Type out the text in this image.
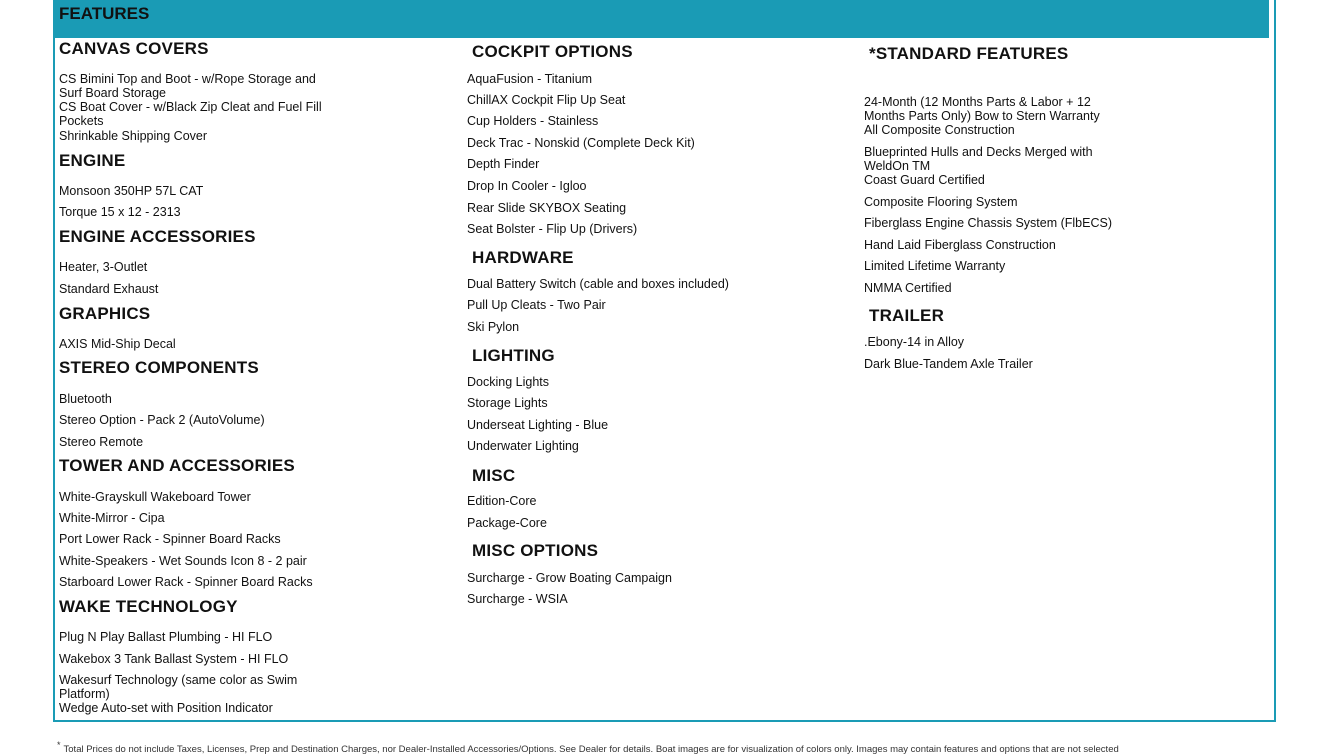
FEATURES
CANVAS COVERS
CS Bimini Top and Boot - w/Rope Storage and
Surf Board Storage
CS Boat Cover - w/Black Zip Cleat and Fuel Fill
Pockets
Shrinkable Shipping Cover
ENGINE
Monsoon 350HP 57L CAT
Torque 15 x 12 - 2313
ENGINE ACCESSORIES
Heater, 3-Outlet
Standard Exhaust
GRAPHICS
AXIS Mid-Ship Decal
STEREO COMPONENTS
Bluetooth
Stereo Option - Pack 2 (AutoVolume)
Stereo Remote
TOWER AND ACCESSORIES
White-Grayskull Wakeboard Tower
White-Mirror - Cipa
Port Lower Rack - Spinner Board Racks
White-Speakers - Wet Sounds Icon 8 - 2 pair
Starboard Lower Rack - Spinner Board Racks
WAKE TECHNOLOGY
Plug N Play Ballast Plumbing - HI FLO
Wakebox 3 Tank Ballast System - HI FLO
Wakesurf Technology (same color as Swim
Platform)
Wedge Auto-set with Position Indicator
COCKPIT OPTIONS
AquaFusion - Titanium
ChillAX Cockpit Flip Up Seat
Cup Holders - Stainless
Deck Trac - Nonskid (Complete Deck Kit)
Depth Finder
Drop In Cooler - Igloo
Rear Slide SKYBOX Seating
Seat Bolster - Flip Up (Drivers)
HARDWARE
Dual Battery Switch (cable and boxes included)
Pull Up Cleats - Two Pair
Ski Pylon
LIGHTING
Docking Lights
Storage Lights
Underseat Lighting - Blue
Underwater Lighting
MISC
Edition-Core
Package-Core
MISC OPTIONS
Surcharge - Grow Boating Campaign
Surcharge - WSIA
*STANDARD FEATURES
24-Month (12 Months Parts & Labor + 12
Months Parts Only) Bow to Stern Warranty
All Composite Construction
Blueprinted Hulls and Decks Merged with
WeldOn TM
Coast Guard Certified
Composite Flooring System
Fiberglass Engine Chassis System (FlbECS)
Hand Laid Fiberglass Construction
Limited Lifetime Warranty
NMMA Certified
TRAILER
.Ebony-14 in Alloy
Dark Blue-Tandem Axle Trailer
* Total Prices do not include Taxes, Licenses, Prep and Destination Charges, nor Dealer-Installed Accessories/Options. See Dealer for details. Boat images are for visualization of colors only. Images may contain features and options that are not selected
